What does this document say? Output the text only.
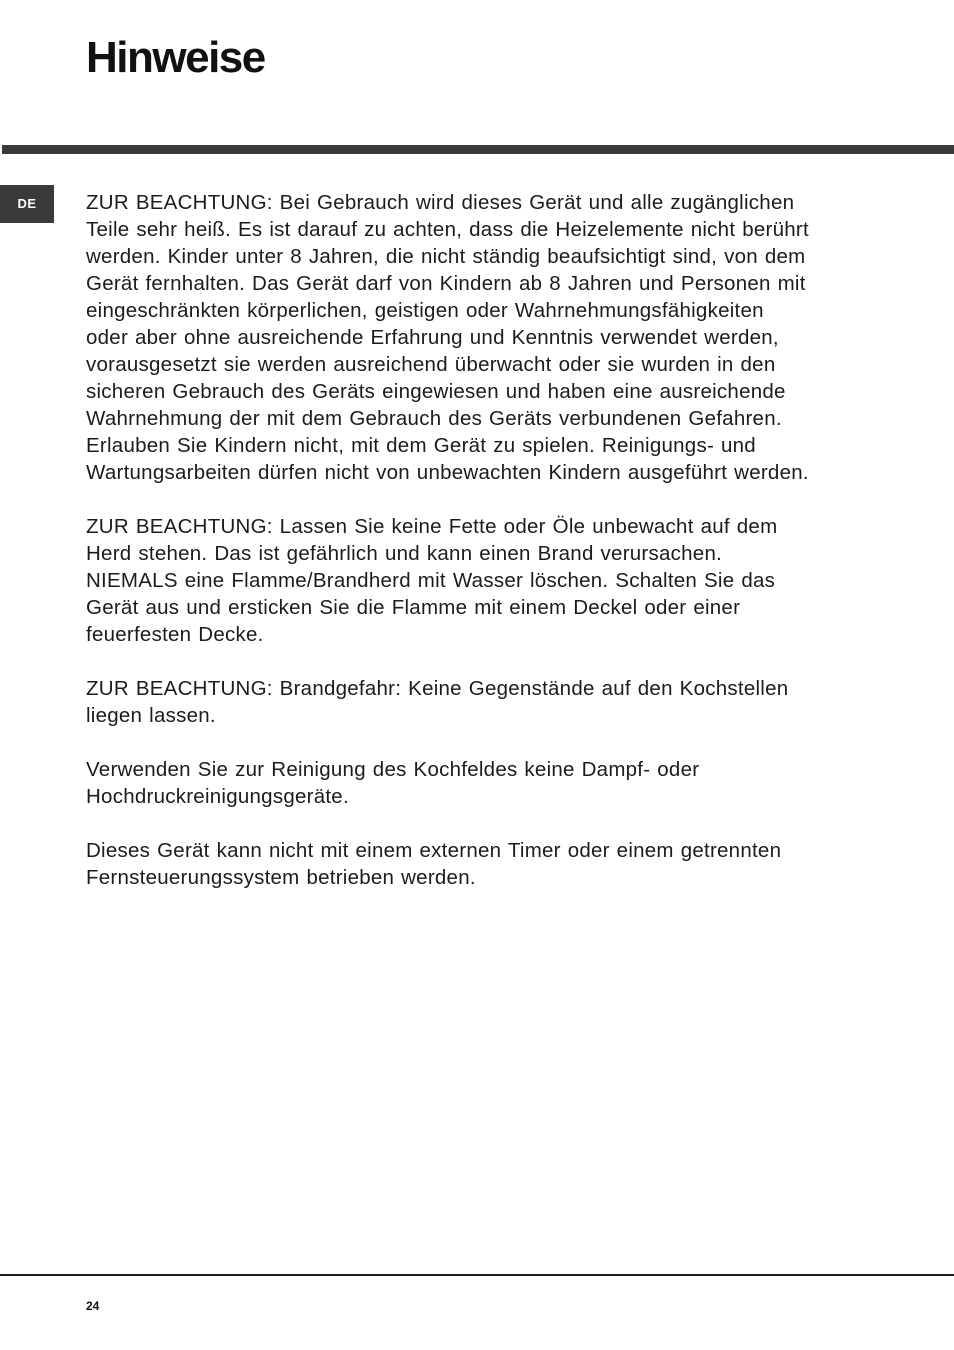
Hinweise
DE	ZUR BEACHTUNG: Bei Gebrauch wird dieses Gerät und alle zugänglichen
Teile sehr heiß. Es ist darauf zu achten, dass die Heizelemente nicht berührt
werden. Kinder unter 8 Jahren, die nicht ständig beaufsichtigt sind, von dem
Gerät fernhalten. Das Gerät darf von Kindern ab 8 Jahren und Personen mit
eingeschränkten körperlichen, geistigen oder Wahrnehmungsfähigkeiten
oder aber ohne ausreichende Erfahrung und Kenntnis verwendet werden,
vorausgesetzt sie werden ausreichend überwacht oder sie wurden in den
sicheren Gebrauch des Geräts eingewiesen und haben eine ausreichende
Wahrnehmung der mit dem Gebrauch des Geräts verbundenen Gefahren.
Erlauben Sie Kindern nicht, mit dem Gerät zu spielen. Reinigungs- und
Wartungsarbeiten dürfen nicht von unbewachten Kindern ausgeführt werden.

ZUR BEACHTUNG: Lassen Sie keine Fette oder Öle unbewacht auf dem
Herd stehen. Das ist gefährlich und kann einen Brand verursachen.
NIEMALS eine Flamme/Brandherd mit Wasser löschen. Schalten Sie das
Gerät aus und ersticken Sie die Flamme mit einem Deckel oder einer
feuerfesten Decke.

ZUR BEACHTUNG: Brandgefahr: Keine Gegenstände auf den Kochstellen
liegen lassen.

Verwenden Sie zur Reinigung des Kochfeldes keine Dampf- oder
Hochdruckreinigungsgeräte.

Dieses Gerät kann nicht mit einem externen Timer oder einem getrennten
Fernsteuerungssystem betrieben werden.

24
